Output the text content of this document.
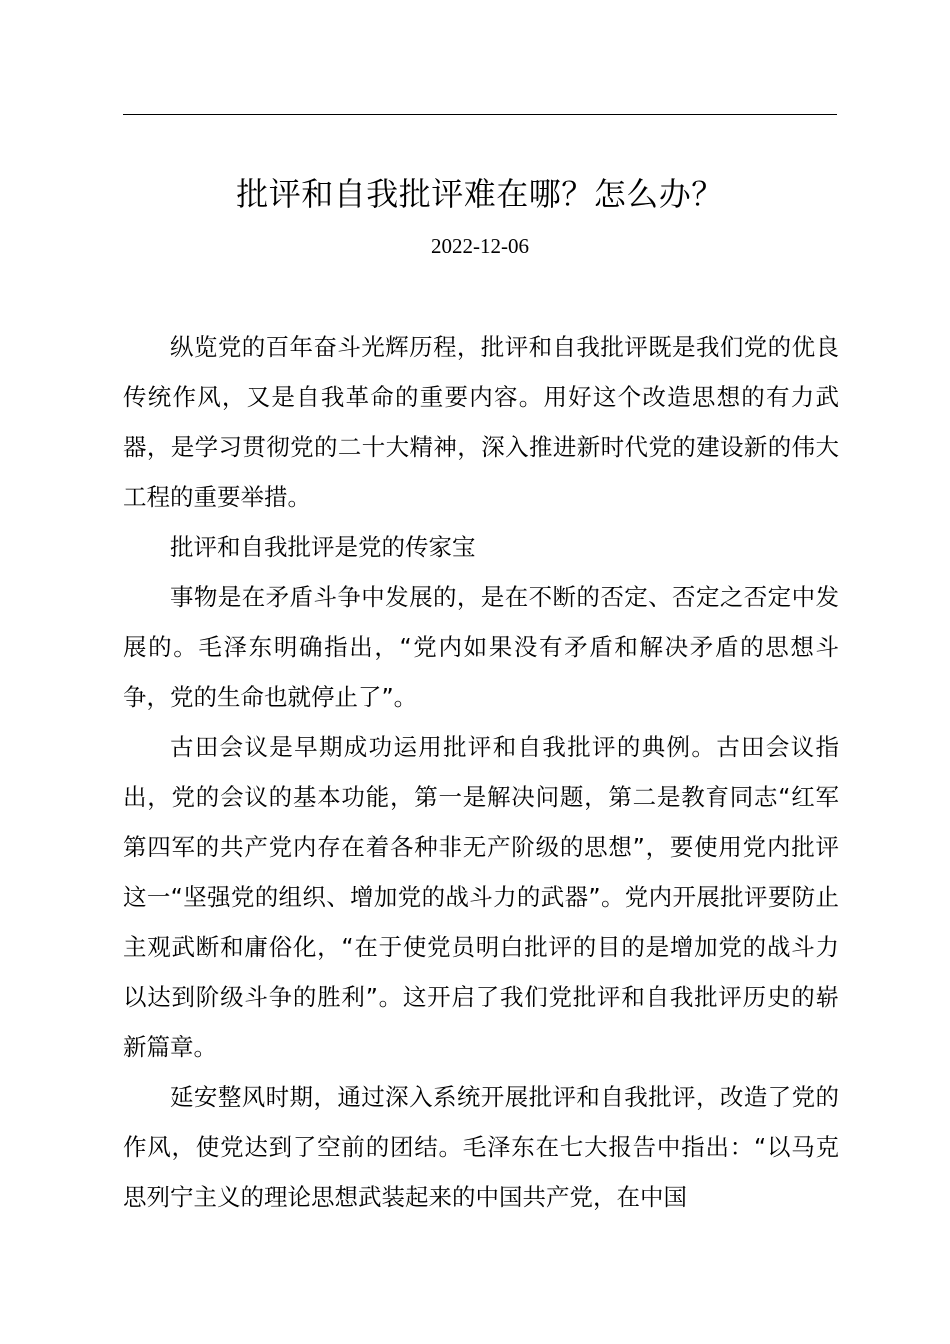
批评和自我批评难在哪？怎么办？
2022-12-06

纵览党的百年奋斗光辉历程，批评和自我批评既是我们党的优良传统作风，又是自我革命的重要内容。用好这个改造思想的有力武器，是学习贯彻党的二十大精神，深入推进新时代党的建设新的伟大工程的重要举措。

批评和自我批评是党的传家宝

事物是在矛盾斗争中发展的，是在不断的否定、否定之否定中发展的。毛泽东明确指出，“党内如果没有矛盾和解决矛盾的思想斗争，党的生命也就停止了”。

古田会议是早期成功运用批评和自我批评的典例。古田会议指出，党的会议的基本功能，第一是解决问题，第二是教育同志“红军第四军的共产党内存在着各种非无产阶级的思想”，要使用党内批评这一“坚强党的组织、增加党的战斗力的武器”。党内开展批评要防止主观武断和庸俗化，“在于使党员明白批评的目的是增加党的战斗力以达到阶级斗争的胜利”。这开启了我们党批评和自我批评历史的崭新篇章。

延安整风时期，通过深入系统开展批评和自我批评，改造了党的作风，使党达到了空前的团结。毛泽东在七大报告中指出：“以马克思列宁主义的理论思想武装起来的中国共产党，在中国
